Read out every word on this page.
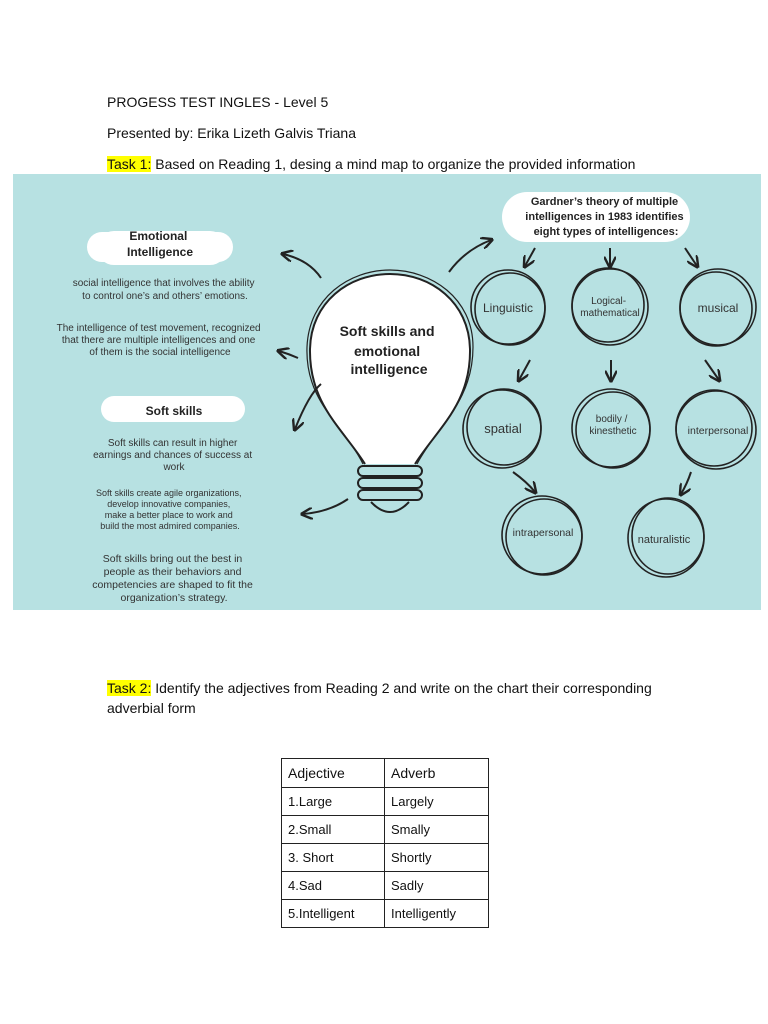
PROGESS TEST INGLES - Level 5
Presented by: Erika Lizeth Galvis Triana
Task 1: Based on Reading 1, desing a mind map to organize the provided information
Soft skills and emotional intelligence
Emotional Intelligence
social intelligence that involves the ability to control one’s and others’ emotions.
The intelligence of test movement, recognized that there are multiple intelligences and one of them is the social intelligence
Soft skills
Soft skills can result in higher earnings and chances of success at work
Soft skills create agile organizations, develop innovative companies, make a better place to work and build the most admired companies.
Soft skills bring out the best in people as their behaviors and competencies are shaped to fit the organization’s strategy.
Gardner’s theory of multiple intelligences in 1983 identifies eight types of intelligences:
Linguistic	Logical- mathematical	musical
spatial
bodily / kinesthetic	interpersonal
intrapersonal
naturalistic
Task 2: Identify the adjectives from Reading 2 and write on the chart their corresponding
adverbial form
Adjective	Adverb
1.Large	Largely
2.Small	Smally
3. Short	Shortly
4.Sad	Sadly
5.Intelligent	Intelligently
